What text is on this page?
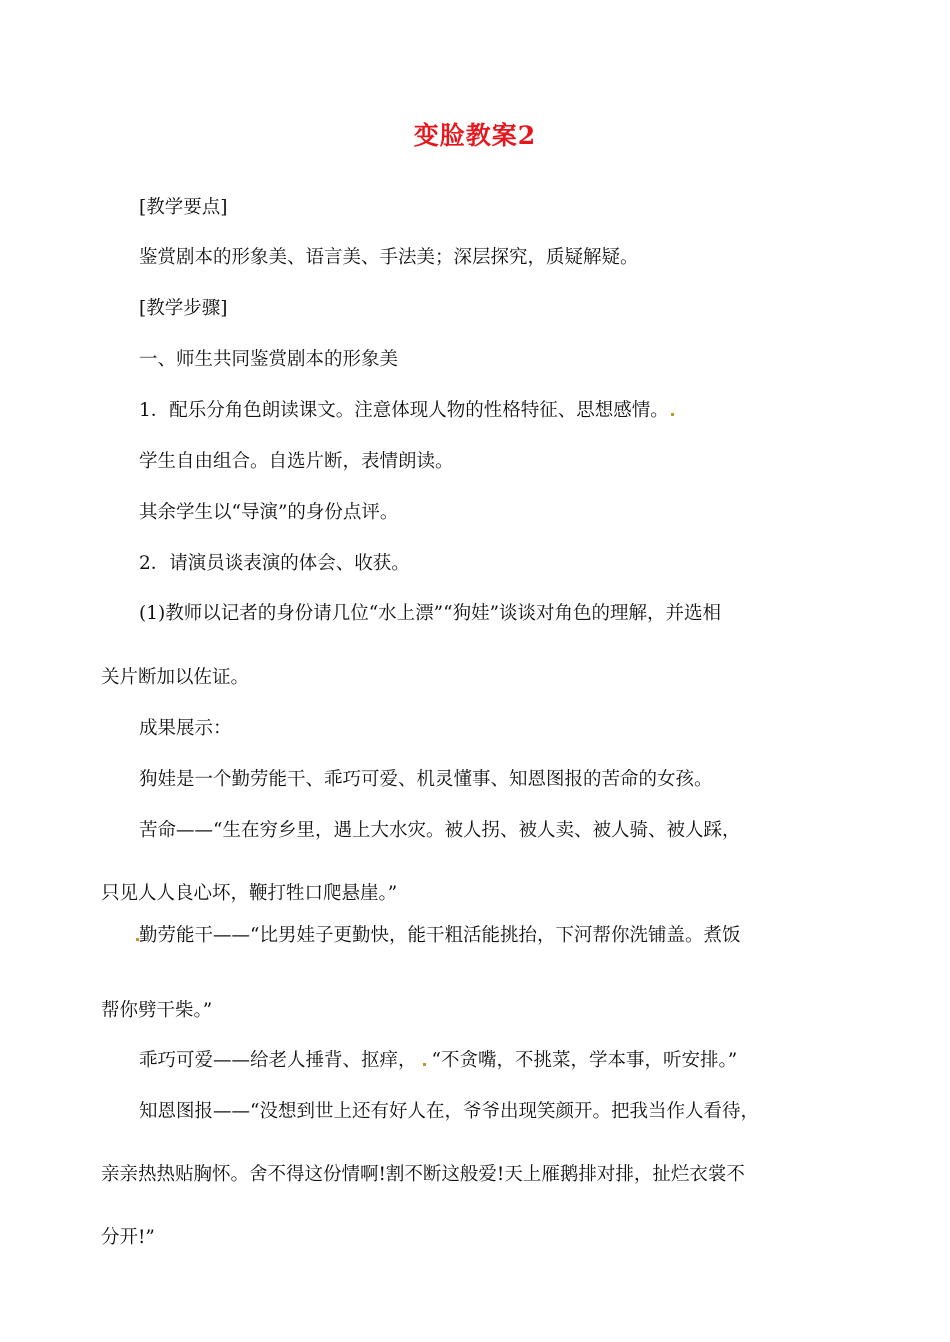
变脸教案2

[教学要点]

鉴赏剧本的形象美、语言美、手法美；深层探究，质疑解疑。

[教学步骤]

一、师生共同鉴赏剧本的形象美

1．配乐分角色朗读课文。注意体现人物的性格特征、思想感情。

学生自由组合。自选片断，表情朗读。

其余学生以“导演”的身份点评。

2．请演员谈表演的体会、收获。

(1)教师以记者的身份请几位“水上漂”“狗娃”谈谈对角色的理解，并选相

关片断加以佐证。

成果展示：

狗娃是一个勤劳能干、乖巧可爱、机灵懂事、知恩图报的苦命的女孩。

苦命——“生在穷乡里，遇上大水灾。被人拐、被人卖、被人骑、被人踩，

只见人人良心坏，鞭打牲口爬悬崖。”

勤劳能干——“比男娃子更勤快，能干粗活能挑抬，下河帮你洗铺盖。煮饭

帮你劈干柴。”

乖巧可爱——给老人捶背、抠痒， “不贪嘴，不挑菜，学本事，听安排。”

知恩图报——“没想到世上还有好人在，爷爷出现笑颜开。把我当作人看待，

亲亲热热贴胸怀。舍不得这份情啊!割不断这般爱!天上雁鹅排对排，扯烂衣裳不

分开!”
